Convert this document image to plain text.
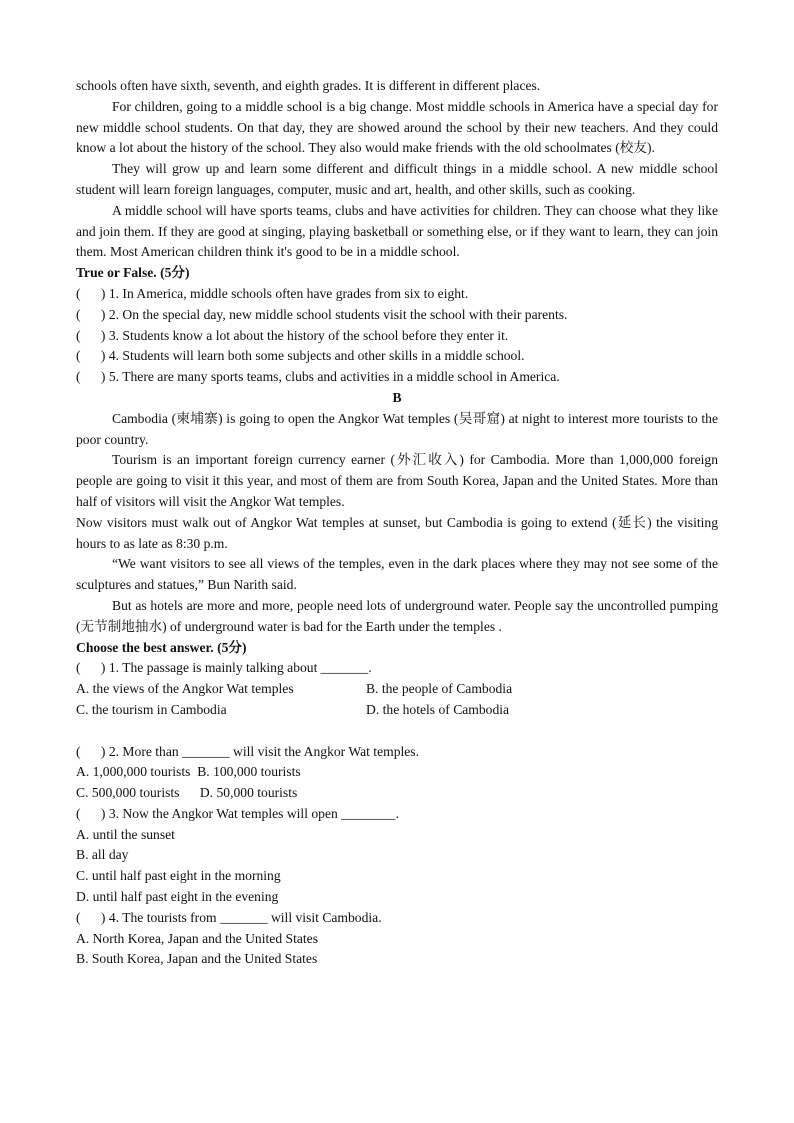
schools often have sixth, seventh, and eighth grades. It is different in different places.

For children, going to a middle school is a big change. Most middle schools in America have a special day for new middle school students. On that day, they are showed around the school by their new teachers. And they could know a lot about the history of the school. They also would make friends with the old schoolmates (校友).

They will grow up and learn some different and difficult things in a middle school. A new middle school student will learn foreign languages, computer, music and art, health, and other skills, such as cooking.

A middle school will have sports teams, clubs and have activities for children. They can choose what they like and join them. If they are good at singing, playing basketball or something else, or if they want to learn, they can join them. Most American children think it's good to be in a middle school.

True or False. (5分)

(      ) 1. In America, middle schools often have grades from six to eight.

(      ) 2. On the special day, new middle school students visit the school with their parents.

(      ) 3. Students know a lot about the history of the school before they enter it.

(      ) 4. Students will learn both some subjects and other skills in a middle school.

(      ) 5. There are many sports teams, clubs and activities in a middle school in America.

B

Cambodia (柬埔寨) is going to open the Angkor Wat temples (吴哥窟) at night to interest more tourists to the poor country.

Tourism is an important foreign currency earner (外汇收入) for Cambodia. More than 1,000,000 foreign people are going to visit it this year, and most of them are from South Korea, Japan and the United States. More than half of visitors will visit the Angkor Wat temples.

Now visitors must walk out of Angkor Wat temples at sunset, but Cambodia is going to extend (延长) the visiting hours to as late as 8:30 p.m.

“We want visitors to see all views of the temples, even in the dark places where they may not see some of the sculptures and statues,” Bun Narith said.

But as hotels are more and more, people need lots of underground water. People say the uncontrolled pumping (无节制地抽水) of underground water is bad for the Earth under the temples .

Choose the best answer. (5分)

(      ) 1. The passage is mainly talking about _______.

A. the views of the Angkor Wat temples	B. the people of Cambodia
C. the tourism in Cambodia	D. the hotels of Cambodia

(      ) 2. More than _______ will visit the Angkor Wat temples.

A. 1,000,000 tourists  B. 100,000 tourists

C. 500,000 tourists      D. 50,000 tourists

(      ) 3. Now the Angkor Wat temples will open ________.

A. until the sunset

B. all day

C. until half past eight in the morning

D. until half past eight in the evening

(      ) 4. The tourists from _______ will visit Cambodia.

A. North Korea, Japan and the United States

B. South Korea, Japan and the United States
